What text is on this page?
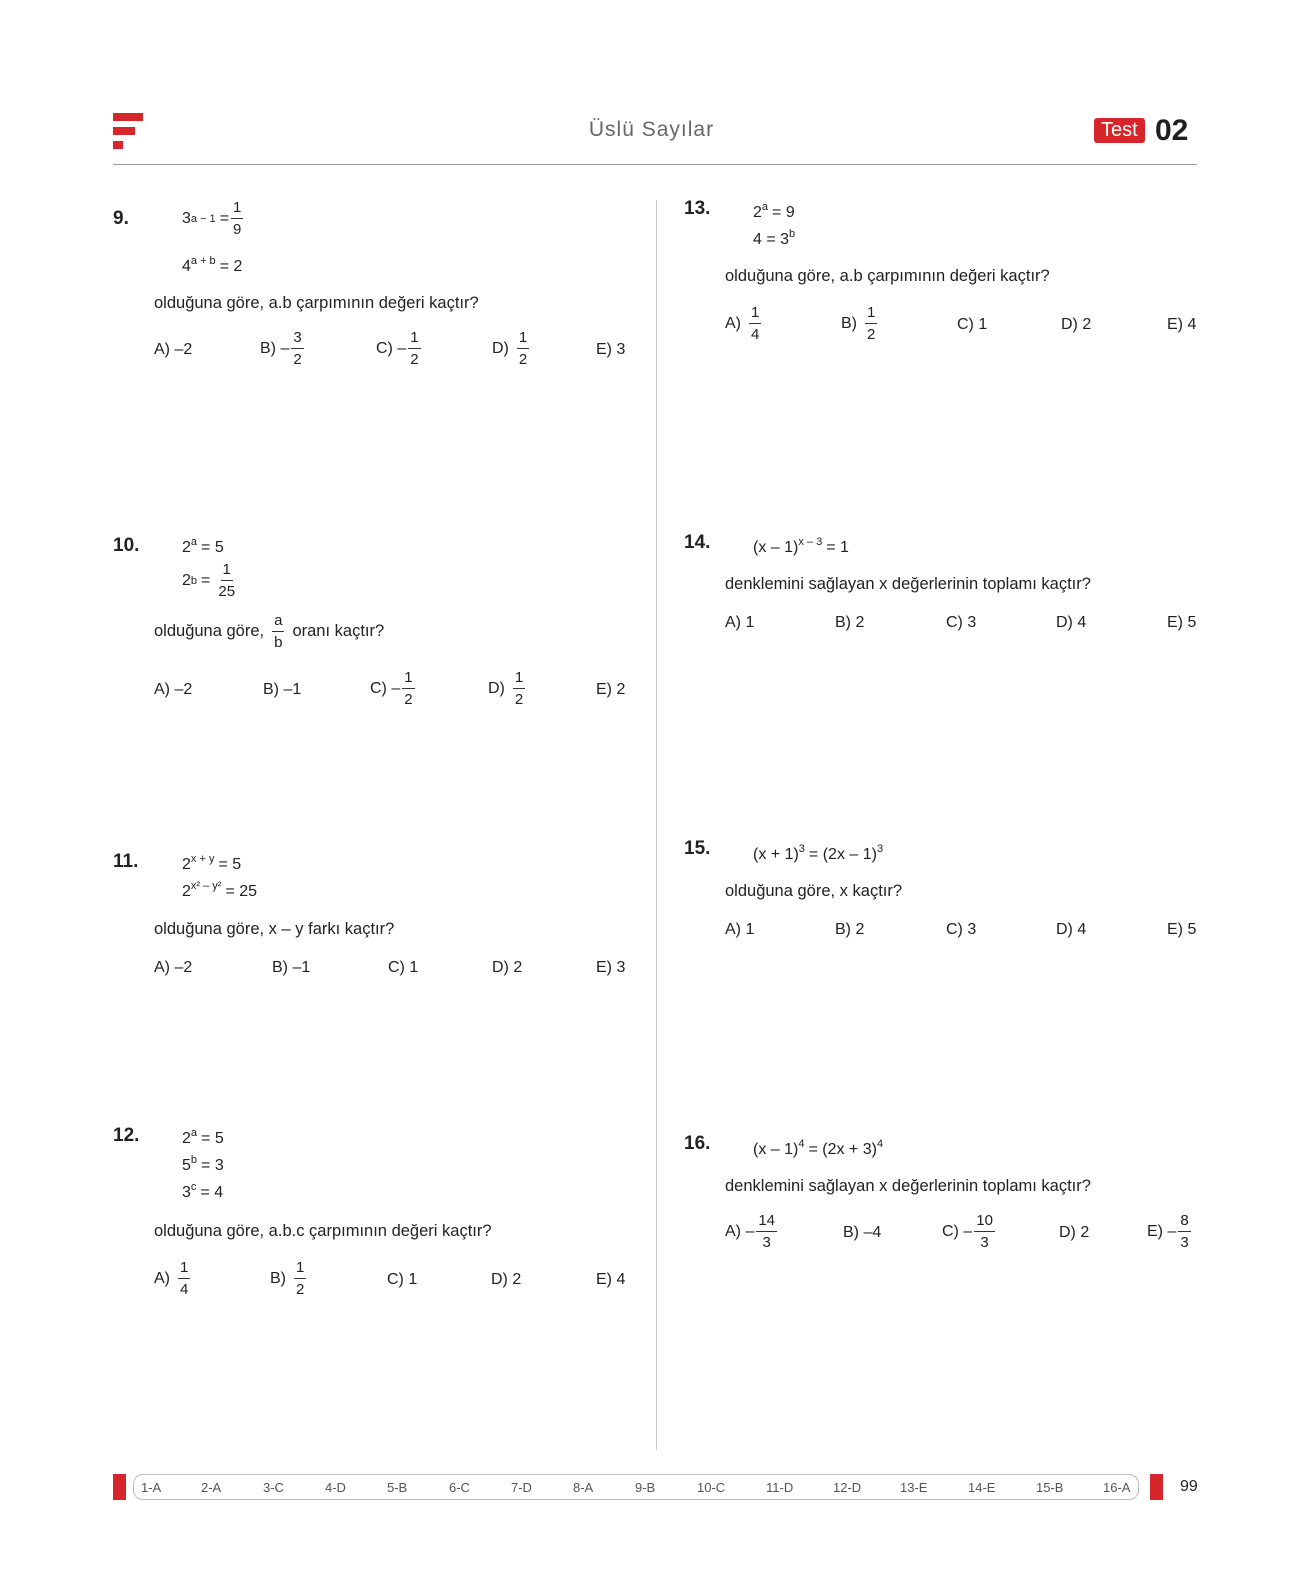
Üslü Sayılar	Test 02
9.	3 $a - 1 = \frac{1}{9}$
$4^{a + b} = 2$
olduğuna göre, a.b çarpımının değeri kaçtır?
A) –2	$B) - \frac{3}{2}$	$C) - \frac{1}{2}$	$D) \frac{1}{2}$	E) 3
10.	$2^a = 5$
2 $b = \frac{1}{25}$
olduğuna göre, $\frac{a}{b}$ oranı kaçtır?
A) –2	B) –1	$C) - \frac{1}{2}$	$D) \frac{1}{2}$	E) 2
11.	$2^{x + y} = 5$
$2^{x^2 - y^2} = 25$
olduğuna göre, x – y farkı kaçtır?
A) –2	B) –1	C) 1	D) 2	E) 3
12.	$2^a = 5$
$5^b = 3$
$3^c = 4$
olduğuna göre, a.b.c çarpımının değeri kaçtır?
$A) \frac{1}{4}$	$B) \frac{1}{2}$	C) 1	D) 2	E) 4
13.	$2^a = 9$
$4 = 3^b$
olduğuna göre, a.b çarpımının değeri kaçtır?
$A) \frac{1}{4}$	$B) \frac{1}{2}$	C) 1	D) 2	E) 4
14.	(x – 1)$^{x - 3}$ = 1
denklemini sağlayan x değerlerinin toplamı kaçtır?
A) 1	B) 2	C) 3	D) 4	E) 5
15.	$(x + 1)^3 = (2x - 1)^3$
olduğuna göre, x kaçtır?
A) 1	B) 2	C) 3	D) 4	E) 5
16.	$(x - 1)^4 = (2x + 3)^4$
denklemini sağlayan x değerlerinin toplamı kaçtır?
$A) - \frac{14}{3}$	B) –4	$C) - \frac{10}{3}$	D) 2	$E) - \frac{8}{3}$
1-A	2-A	3-C	4-D	5-B	6-C	7-D	8-A	9-B	10-C	11-D	12-D	13-E	14-E	15-B	16-A	99
